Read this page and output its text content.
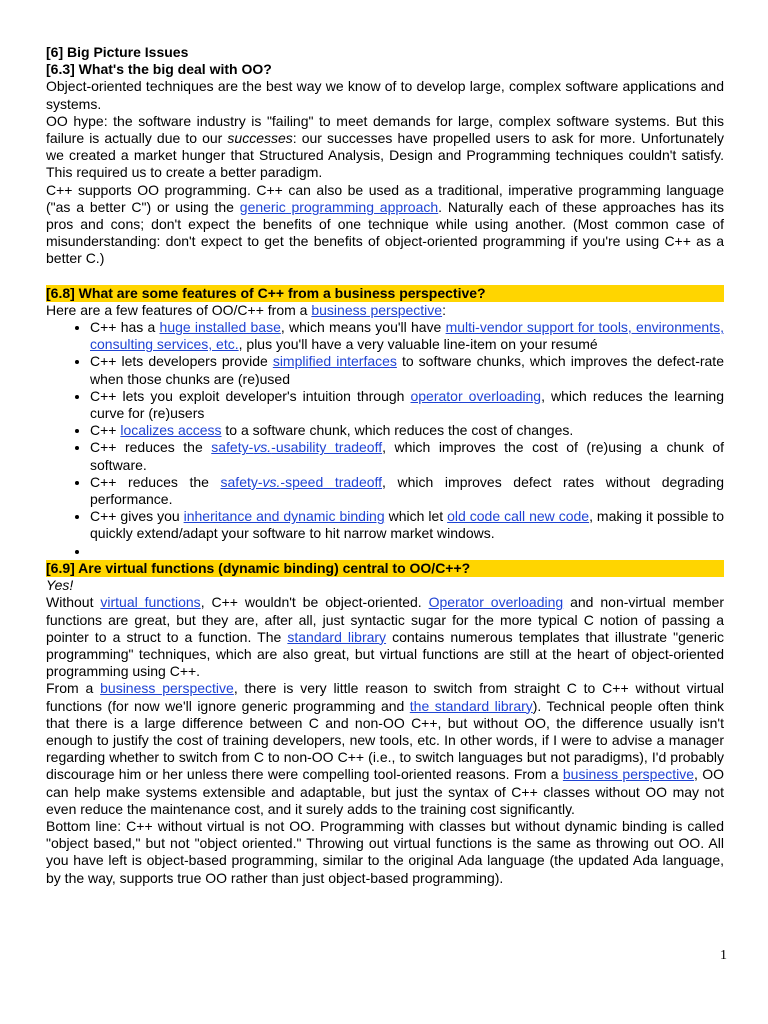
[6] Big Picture Issues

[6.3] What's the big deal with OO?

Object-oriented techniques are the best way we know of to develop large, complex software applications and systems.

OO hype: the software industry is "failing" to meet demands for large, complex software systems. But this failure is actually due to our successes: our successes have propelled users to ask for more. Unfortunately we created a market hunger that Structured Analysis, Design and Programming techniques couldn't satisfy. This required us to create a better paradigm.

C++ supports OO programming. C++ can also be used as a traditional, imperative programming language ("as a better C") or using the generic programming approach. Naturally each of these approaches has its pros and cons; don't expect the benefits of one technique while using another. (Most common case of misunderstanding: don't expect to get the benefits of object-oriented programming if you're using C++ as a better C.)

[6.8] What are some features of C++ from a business perspective?

Here are a few features of OO/C++ from a business perspective:

• C++ has a huge installed base, which means you'll have multi-vendor support for tools, environments, consulting services, etc., plus you'll have a very valuable line-item on your resumé
• C++ lets developers provide simplified interfaces to software chunks, which improves the defect-rate when those chunks are (re)used
• C++ lets you exploit developer's intuition through operator overloading, which reduces the learning curve for (re)users
• C++ localizes access to a software chunk, which reduces the cost of changes.
• C++ reduces the safety-vs.-usability tradeoff, which improves the cost of (re)using a chunk of software.
• C++ reduces the safety-vs.-speed tradeoff, which improves defect rates without degrading performance.
• C++ gives you inheritance and dynamic binding which let old code call new code, making it possible to quickly extend/adapt your software to hit narrow market windows.
•

[6.9] Are virtual functions (dynamic binding) central to OO/C++?

Yes!

Without virtual functions, C++ wouldn't be object-oriented. Operator overloading and non-virtual member functions are great, but they are, after all, just syntactic sugar for the more typical C notion of passing a pointer to a struct to a function. The standard library contains numerous templates that illustrate "generic programming" techniques, which are also great, but virtual functions are still at the heart of object-oriented programming using C++.

From a business perspective, there is very little reason to switch from straight C to C++ without virtual functions (for now we'll ignore generic programming and the standard library). Technical people often think that there is a large difference between C and non-OO C++, but without OO, the difference usually isn't enough to justify the cost of training developers, new tools, etc. In other words, if I were to advise a manager regarding whether to switch from C to non-OO C++ (i.e., to switch languages but not paradigms), I'd probably discourage him or her unless there were compelling tool-oriented reasons. From a business perspective, OO can help make systems extensible and adaptable, but just the syntax of C++ classes without OO may not even reduce the maintenance cost, and it surely adds to the training cost significantly.

Bottom line: C++ without virtual is not OO. Programming with classes but without dynamic binding is called "object based," but not "object oriented." Throwing out virtual functions is the same as throwing out OO. All you have left is object-based programming, similar to the original Ada language (the updated Ada language, by the way, supports true OO rather than just object-based programming).

1
